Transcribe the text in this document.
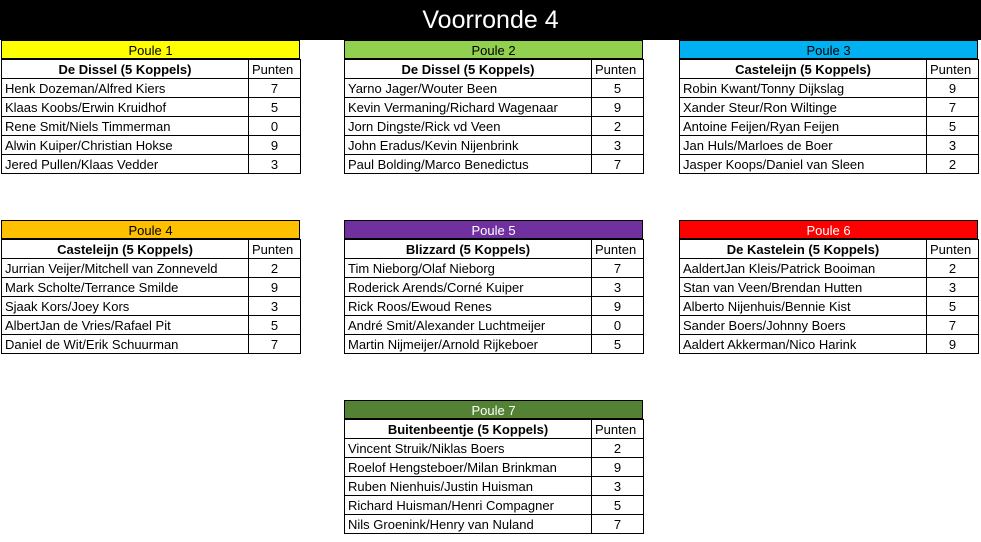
Voorronde 4
Poule 1
De Dissel (5 Koppels)	Punten
Henk Dozeman/Alfred Kiers	7
Klaas Koobs/Erwin Kruidhof	5
Rene Smit/Niels Timmerman	0
Alwin Kuiper/Christian Hokse	9
Jered Pullen/Klaas Vedder	3
Poule 2
De Dissel (5 Koppels)	Punten
Yarno Jager/Wouter Been	5
Kevin Vermaning/Richard Wagenaar	9
Jorn Dingste/Rick vd Veen	2
John Eradus/Kevin Nijenbrink	3
Paul Bolding/Marco Benedictus	7
Poule 3
Casteleijn (5 Koppels)	Punten
Robin Kwant/Tonny Dijkslag	9
Xander Steur/Ron Wiltinge	7
Antoine Feijen/Ryan Feijen	5
Jan Huls/Marloes de Boer	3
Jasper Koops/Daniel van Sleen	2
Poule 4
Casteleijn (5 Koppels)	Punten
Jurrian Veijer/Mitchell van Zonneveld	2
Mark Scholte/Terrance Smilde	9
Sjaak Kors/Joey Kors	3
AlbertJan de Vries/Rafael Pit	5
Daniel de Wit/Erik Schuurman	7
Poule 5
Blizzard (5 Koppels)	Punten
Tim Nieborg/Olaf Nieborg	7
Roderick Arends/Corné Kuiper	3
Rick Roos/Ewoud Renes	9
André Smit/Alexander Luchtmeijer	0
Martin Nijmeijer/Arnold Rijkeboer	5
Poule 6
De Kastelein (5 Koppels)	Punten
AaldertJan Kleis/Patrick Booiman	2
Stan van Veen/Brendan Hutten	3
Alberto Nijenhuis/Bennie Kist	5
Sander Boers/Johnny Boers	7
Aaldert Akkerman/Nico Harink	9
Poule 7
Buitenbeentje (5 Koppels)	Punten
Vincent Struik/Niklas Boers	2
Roelof Hengsteboer/Milan Brinkman	9
Ruben Nienhuis/Justin Huisman	3
Richard Huisman/Henri Compagner	5
Nils Groenink/Henry van Nuland	7
